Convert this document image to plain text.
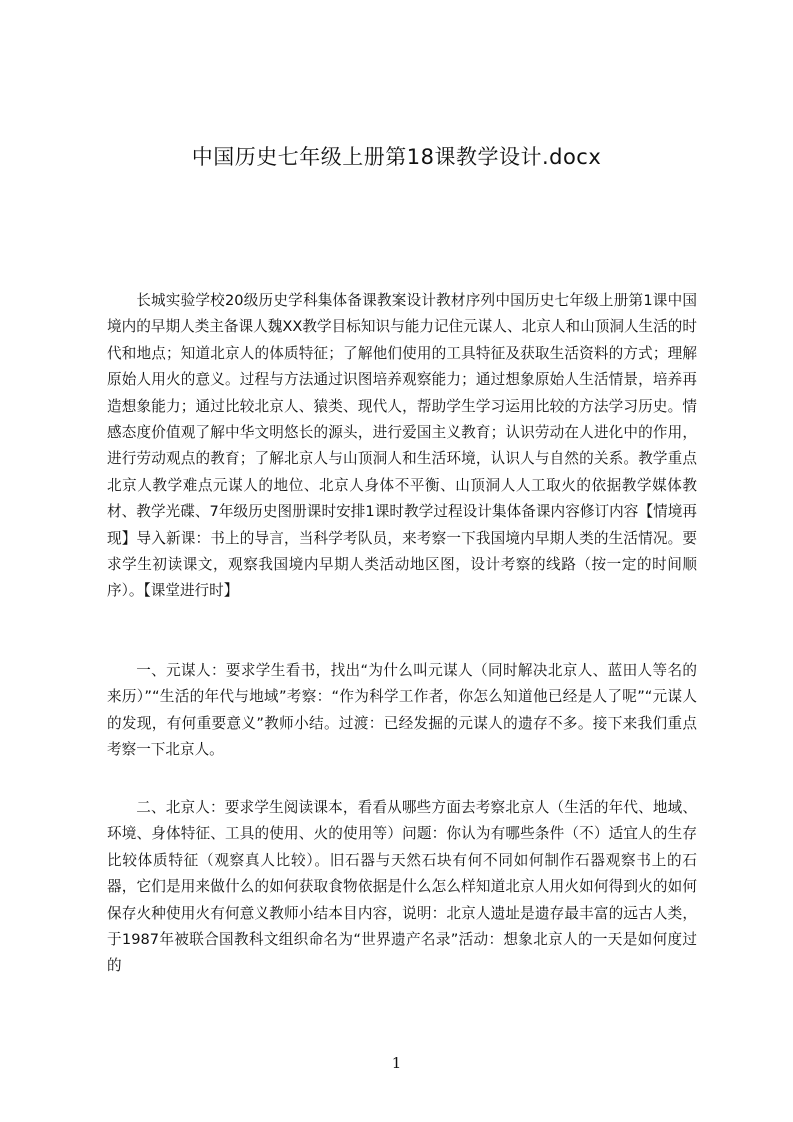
中国历史七年级上册第18课教学设计.docx

长城实验学校20级历史学科集体备课教案设计教材序列中国历史七年级上册第1课中国境内的早期人类主备课人魏XX教学目标知识与能力记住元谋人、北京人和山顶洞人生活的时代和地点；知道北京人的体质特征；了解他们使用的工具特征及获取生活资料的方式；理解原始人用火的意义。过程与方法通过识图培养观察能力；通过想象原始人生活情景，培养再造想象能力；通过比较北京人、猿类、现代人，帮助学生学习运用比较的方法学习历史。情感态度价值观了解中华文明悠长的源头，进行爱国主义教育；认识劳动在人进化中的作用，进行劳动观点的教育；了解北京人与山顶洞人和生活环境，认识人与自然的关系。教学重点北京人教学难点元谋人的地位、北京人身体不平衡、山顶洞人人工取火的依据教学媒体教材、教学光碟、7年级历史图册课时安排1课时教学过程设计集体备课内容修订内容【情境再现】导入新课：书上的导言，当科学考队员，来考察一下我国境内早期人类的生活情况。要求学生初读课文，观察我国境内早期人类活动地区图，设计考察的线路（按一定的时间顺序）。【课堂进行时】

一、元谋人：要求学生看书，找出“为什么叫元谋人（同时解决北京人、蓝田人等名的来历）”“生活的年代与地域”考察：“作为科学工作者，你怎么知道他已经是人了呢”“元谋人的发现，有何重要意义”教师小结。过渡：已经发掘的元谋人的遗存不多。接下来我们重点考察一下北京人。

二、北京人：要求学生阅读课本，看看从哪些方面去考察北京人（生活的年代、地域、环境、身体特征、工具的使用、火的使用等）问题：你认为有哪些条件（不）适宜人的生存比较体质特征（观察真人比较）。旧石器与天然石块有何不同如何制作石器观察书上的石器，它们是用来做什么的如何获取食物依据是什么怎么样知道北京人用火如何得到火的如何保存火种使用火有何意义教师小结本目内容，说明：北京人遗址是遗存最丰富的远古人类，于1987年被联合国教科文组织命名为“世界遗产名录”活动：想象北京人的一天是如何度过的

1
